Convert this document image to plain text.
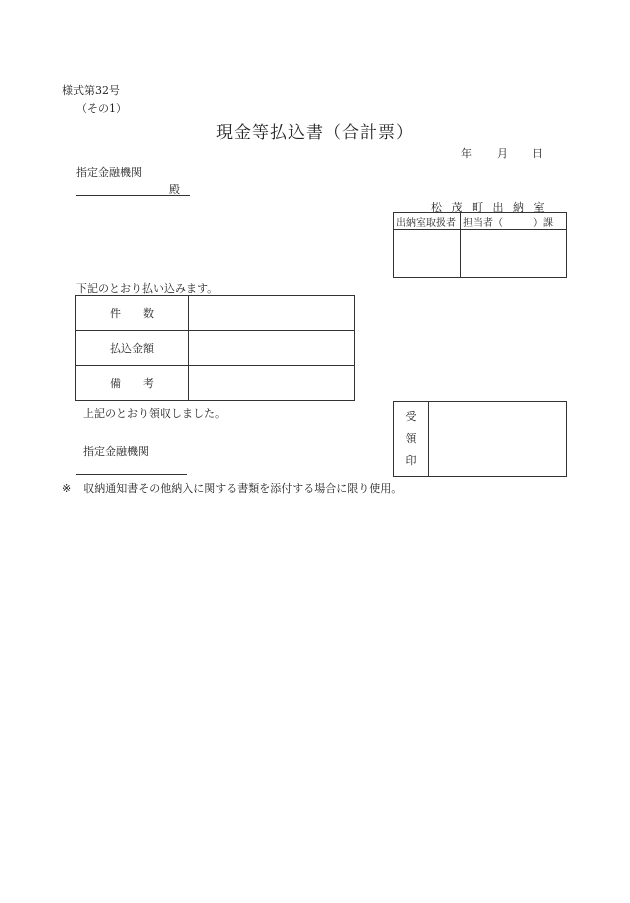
様式第32号
（その1）
現金等払込書（合計票）
年 月 日
指定金融機関
殿
松 茂 町 出 納 室
出納室取扱者	担当者（　　　）課

下記のとおり払い込みます。
件　　数	
払込金額	
備　　考	
上記のとおり領収しました。
指定金融機関
受
領
印

※ 収納通知書その他納入に関する書類を添付する場合に限り使用。
